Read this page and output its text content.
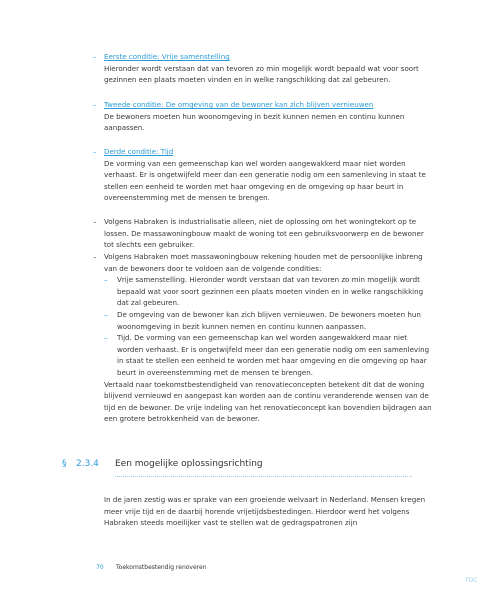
– Eerste conditie: Vrije samenstelling
Hieronder wordt verstaan dat van tevoren zo min mogelijk wordt bepaald wat voor soort gezinnen een plaats moeten vinden en in welke rangschikking dat zal gebeuren.
– Tweede conditie: De omgeving van de bewoner kan zich blijven vernieuwen
De bewoners moeten hun woonomgeving in bezit kunnen nemen en continu kunnen aanpassen.
– Derde conditie: Tijd
De vorming van een gemeenschap kan wel worden aangewakkerd maar niet worden verhaast. Er is ongetwijfeld meer dan een generatie nodig om een samenleving in staat te stellen een eenheid te worden met haar omgeving en de omgeving op haar beurt in overeenstemming met de mensen te brengen.
– Volgens Habraken is industrialisatie alleen, niet de oplossing om het woningtekort op te lossen. De massawoningbouw maakt de woning tot een gebruiksvoorwerp en de bewoner tot slechts een gebruiker.
– Volgens Habraken moet massawoningbouw rekening houden met de persoonlijke inbreng van de bewoners door te voldoen aan de volgende condities:
– Vrije samenstelling. Hieronder wordt verstaan dat van tevoren zo min mogelijk wordt bepaald wat voor soort gezinnen een plaats moeten vinden en in welke rangschikking dat zal gebeuren.
– De omgeving van de bewoner kan zich blijven vernieuwen. De bewoners moeten hun woonomgeving in bezit kunnen nemen en continu kunnen aanpassen.
– Tijd. De vorming van een gemeenschap kan wel worden aangewakkerd maar niet worden verhaast. Er is ongetwijfeld meer dan een generatie nodig om een samenleving in staat te stellen een eenheid te worden met haar omgeving en die omgeving op haar beurt in overeenstemming met de mensen te brengen.

Vertaald naar toekomstbestendigheid van renovatieconcepten betekent dit dat de woning blijvend vernieuwd en aangepast kan worden aan de continu veranderende wensen van de tijd en de bewoner. De vrije indeling van het renovatieconcept kan bovendien bijdragen aan een grotere betrokkenheid van de bewoner.

§ 2.3.4 Een mogelijke oplossingsrichting

In de jaren zestig was er sprake van een groeiende welvaart in Nederland. Mensen kregen meer vrije tijd en de daarbij horende vrijetijdsbestedingen. Hierdoor werd het volgens Habraken steeds moeilijker vast te stellen wat de gedragspatronen zijn

70 Toekomstbestendig renoveren
TOC
